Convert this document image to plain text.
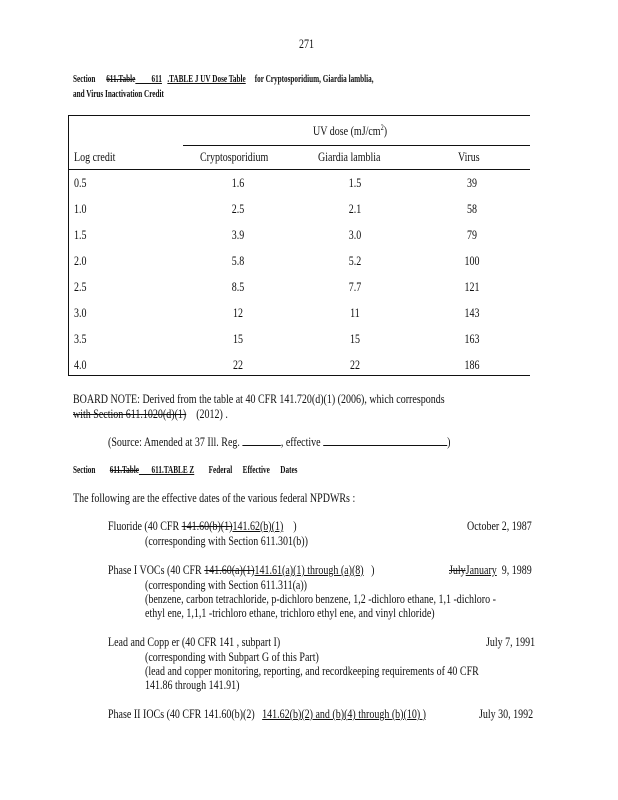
271
Section 611.Table 611 .TABLE J UV Dose Table for Cryptosporidium, Giardia lamblia,
and Virus Inactivation Credit
UV dose $(mJ/cm^2)$
Log credit	Cryptosporidium	Giardia lamblia	Virus
0.5	1.6	1.5	39
1.0	2.5	2.1	58
1.5	3.9	3.0	79
2.0	5.8	5.2	100
2.5	8.5	7.7	121
3.0	12	11	143
3.5	15	15	163
4.0	22	22	186
BOARD NOTE: Derived from the table at 40 CFR 141.720(d)(1) (2006), which corresponds
with Section 611.1020(d)(1) (2012) .
(Source: Amended at 37 Ill. Reg.	, effective	)
Section 611.Table 611.TABLE Z Federal Effective Dates
The following are the effective dates of the various federal NPDWRs :
Fluoride (40 CFR 141.60(b)(1)141.62(b)(1) )	October 2, 1987
(corresponding with Section 611.301(b))
Phase I VOCs (40 CFR 141.60(a)(1)141.61(a)(1) through (a)(8) )	JulyJanuary 9, 1989
(corresponding with Section 611.311(a))
(benzene, carbon tetrachloride, p-dichloro benzene, 1,2 -dichloro ethane, 1,1 -dichloro -
ethyl ene, 1,1,1 -trichloro ethane, trichloro ethyl ene, and vinyl chloride)
Lead and Copp er (40 CFR 141 , subpart I)	July 7, 1991
(corresponding with Subpart G of this Part)
(lead and copper monitoring, reporting, and recordkeeping requirements of 40 CFR
141.86 through 141.91)
Phase II IOCs (40 CFR 141.60(b)(2) 141.62(b)(2) and (b)(4) through (b)(10) )	July 30, 1992
